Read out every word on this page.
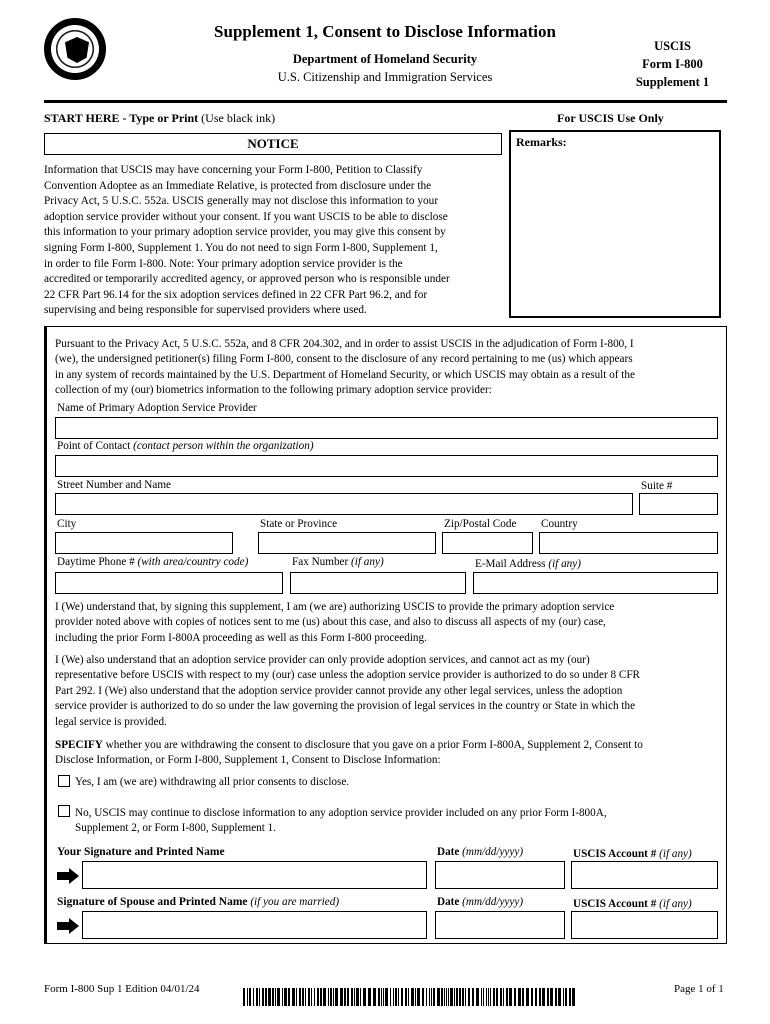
Supplement 1, Consent to Disclose Information
Department of Homeland Security
U.S. Citizenship and Immigration Services
USCIS
Form I-800
Supplement 1
START HERE - Type or Print (Use black ink)	For USCIS Use Only
NOTICE
Information that USCIS may have concerning your Form I-800, Petition to Classify
Convention Adoptee as an Immediate Relative, is protected from disclosure under the
Privacy Act, 5 U.S.C. 552a. USCIS generally may not disclose this information to your
adoption service provider without your consent. If you want USCIS to be able to disclose
this information to your primary adoption service provider, you may give this consent by
signing Form I-800, Supplement 1. You do not need to sign Form I-800, Supplement 1,
in order to file Form I-800. Note: Your primary adoption service provider is the
accredited or temporarily accredited agency, or approved person who is responsible under
22 CFR Part 96.14 for the six adoption services defined in 22 CFR Part 96.2, and for
supervising and being responsible for supervised providers where used.
Remarks:
Pursuant to the Privacy Act, 5 U.S.C. 552a, and 8 CFR 204.302, and in order to assist USCIS in the adjudication of Form I-800, I
(we), the undersigned petitioner(s) filing Form I-800, consent to the disclosure of any record pertaining to me (us) which appears
in any system of records maintained by the U.S. Department of Homeland Security, or which USCIS may obtain as a result of the
collection of my (our) biometrics information to the following primary adoption service provider:
Name of Primary Adoption Service Provider
Point of Contact (contact person within the organization)
Street Number and Name	Suite #
City	State or Province	Zip/Postal Code Country
Daytime Phone # (with area/country code)	Fax Number (if any)	E-Mail Address (if any)
I (We) understand that, by signing this supplement, I am (we are) authorizing USCIS to provide the primary adoption service
provider noted above with copies of notices sent to me (us) about this case, and also to discuss all aspects of my (our) case,
including the prior Form I-800A proceeding as well as this Form I-800 proceeding.
I (We) also understand that an adoption service provider can only provide adoption services, and cannot act as my (our)
representative before USCIS with respect to my (our) case unless the adoption service provider is authorized to do so under 8 CFR
Part 292. I (We) also understand that the adoption service provider cannot provide any other legal services, unless the adoption
service provider is authorized to do so under the law governing the provision of legal services in the country or State in which the
legal service is provided.
SPECIFY whether you are withdrawing the consent to disclosure that you gave on a prior Form I-800A, Supplement 2, Consent to
Disclose Information, or Form I-800, Supplement 1, Consent to Disclose Information:
Yes, I am (we are) withdrawing all prior consents to disclose.
No, USCIS may continue to disclose information to any adoption service provider included on any prior Form I-800A,
Supplement 2, or Form I-800, Supplement 1.
Your Signature and Printed Name	Date (mm/dd/yyyy)	USCIS Account # (if any)
Signature of Spouse and Printed Name (if you are married)	Date (mm/dd/yyyy)	USCIS Account # (if any)
Form I-800 Sup 1 Edition 04/01/24	Page 1 of 1
